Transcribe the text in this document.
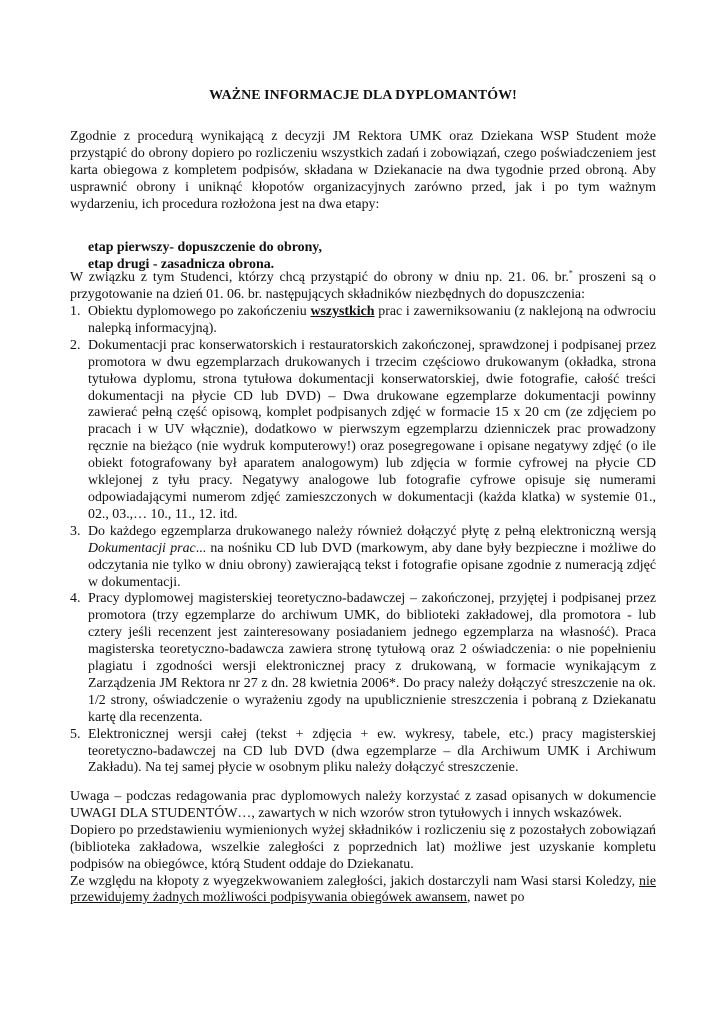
WAŻNE INFORMACJE DLA DYPLOMANTÓW!

Zgodnie z procedurą wynikającą z decyzji JM Rektora UMK oraz Dziekana WSP Student może przystąpić do obrony dopiero po rozliczeniu wszystkich zadań i zobowiązań, czego poświadczeniem jest karta obiegowa z kompletem podpisów, składana w Dziekanacie na dwa tygodnie przed obroną. Aby usprawnić obrony i uniknąć kłopotów organizacyjnych zarówno przed, jak i po tym ważnym wydarzeniu, ich procedura rozłożona jest na dwa etapy:

etap pierwszy- dopuszczenie do obrony,
etap drugi - zasadnicza obrona.

W związku z tym Studenci, którzy chcą przystąpić do obrony w dniu np. 21. 06. br.* proszeni są o przygotowanie na dzień 01. 06. br. następujących składników niezbędnych do dopuszczenia:

1. Obiektu dyplomowego po zakończeniu wszystkich prac i zawerniksowaniu (z naklejoną na odwrociu nalepką informacyjną).
2. Dokumentacji prac konserwatorskich i restauratorskich zakończonej, sprawdzonej i podpisanej przez promotora w dwu egzemplarzach drukowanych i trzecim częściowo drukowanym (okładka, strona tytułowa dyplomu, strona tytułowa dokumentacji konserwatorskiej, dwie fotografie, całość treści dokumentacji na płycie CD lub DVD) – Dwa drukowane egzemplarze dokumentacji powinny zawierać pełną część opisową, komplet podpisanych zdjęć w formacie 15 x 20 cm (ze zdjęciem po pracach i w UV włącznie), dodatkowo w pierwszym egzemplarzu dzienniczek prac prowadzony ręcznie na bieżąco (nie wydruk komputerowy!) oraz posegregowane i opisane negatywy zdjęć (o ile obiekt fotografowany był aparatem analogowym) lub zdjęcia w formie cyfrowej na płycie CD wklejonej z tyłu pracy. Negatywy analogowe lub fotografie cyfrowe opisuje się numerami odpowiadającymi numerom zdjęć zamieszczonych w dokumentacji (każda klatka) w systemie 01., 02., 03.,… 10., 11., 12. itd.
3. Do każdego egzemplarza drukowanego należy również dołączyć płytę z pełną elektroniczną wersją Dokumentacji prac... na nośniku CD lub DVD (markowym, aby dane były bezpieczne i możliwe do odczytania nie tylko w dniu obrony) zawierającą tekst i fotografie opisane zgodnie z numeracją zdjęć w dokumentacji.
4. Pracy dyplomowej magisterskiej teoretyczno-badawczej – zakończonej, przyjętej i podpisanej przez promotora (trzy egzemplarze do archiwum UMK, do biblioteki zakładowej, dla promotora - lub cztery jeśli recenzent jest zainteresowany posiadaniem jednego egzemplarza na własność). Praca magisterska teoretyczno-badawcza zawiera stronę tytułową oraz 2 oświadczenia: o nie popełnieniu plagiatu i zgodności wersji elektronicznej pracy z drukowaną, w formacie wynikającym z Zarządzenia JM Rektora nr 27 z dn. 28 kwietnia 2006*. Do pracy należy dołączyć streszczenie na ok. 1/2 strony, oświadczenie o wyrażeniu zgody na upublicznienie streszczenia i pobraną z Dziekanatu kartę dla recenzenta.
5. Elektronicznej wersji całej (tekst + zdjęcia + ew. wykresy, tabele, etc.) pracy magisterskiej teoretyczno-badawczej na CD lub DVD (dwa egzemplarze – dla Archiwum UMK i Archiwum Zakładu). Na tej samej płycie w osobnym pliku należy dołączyć streszczenie.

Uwaga – podczas redagowania prac dyplomowych należy korzystać z zasad opisanych w dokumencie UWAGI DLA STUDENTÓW…, zawartych w nich wzorów stron tytułowych i innych wskazówek.

Dopiero po przedstawieniu wymienionych wyżej składników i rozliczeniu się z pozostałych zobowiązań (biblioteka zakładowa, wszelkie zaległości z poprzednich lat) możliwe jest uzyskanie kompletu podpisów na obiegówce, którą Student oddaje do Dziekanatu.

Ze względu na kłopoty z wyegzekwowaniem zaległości, jakich dostarczyli nam Wasi starsi Koledzy, nie przewidujemy żadnych możliwości podpisywania obiegówek awansem, nawet po
